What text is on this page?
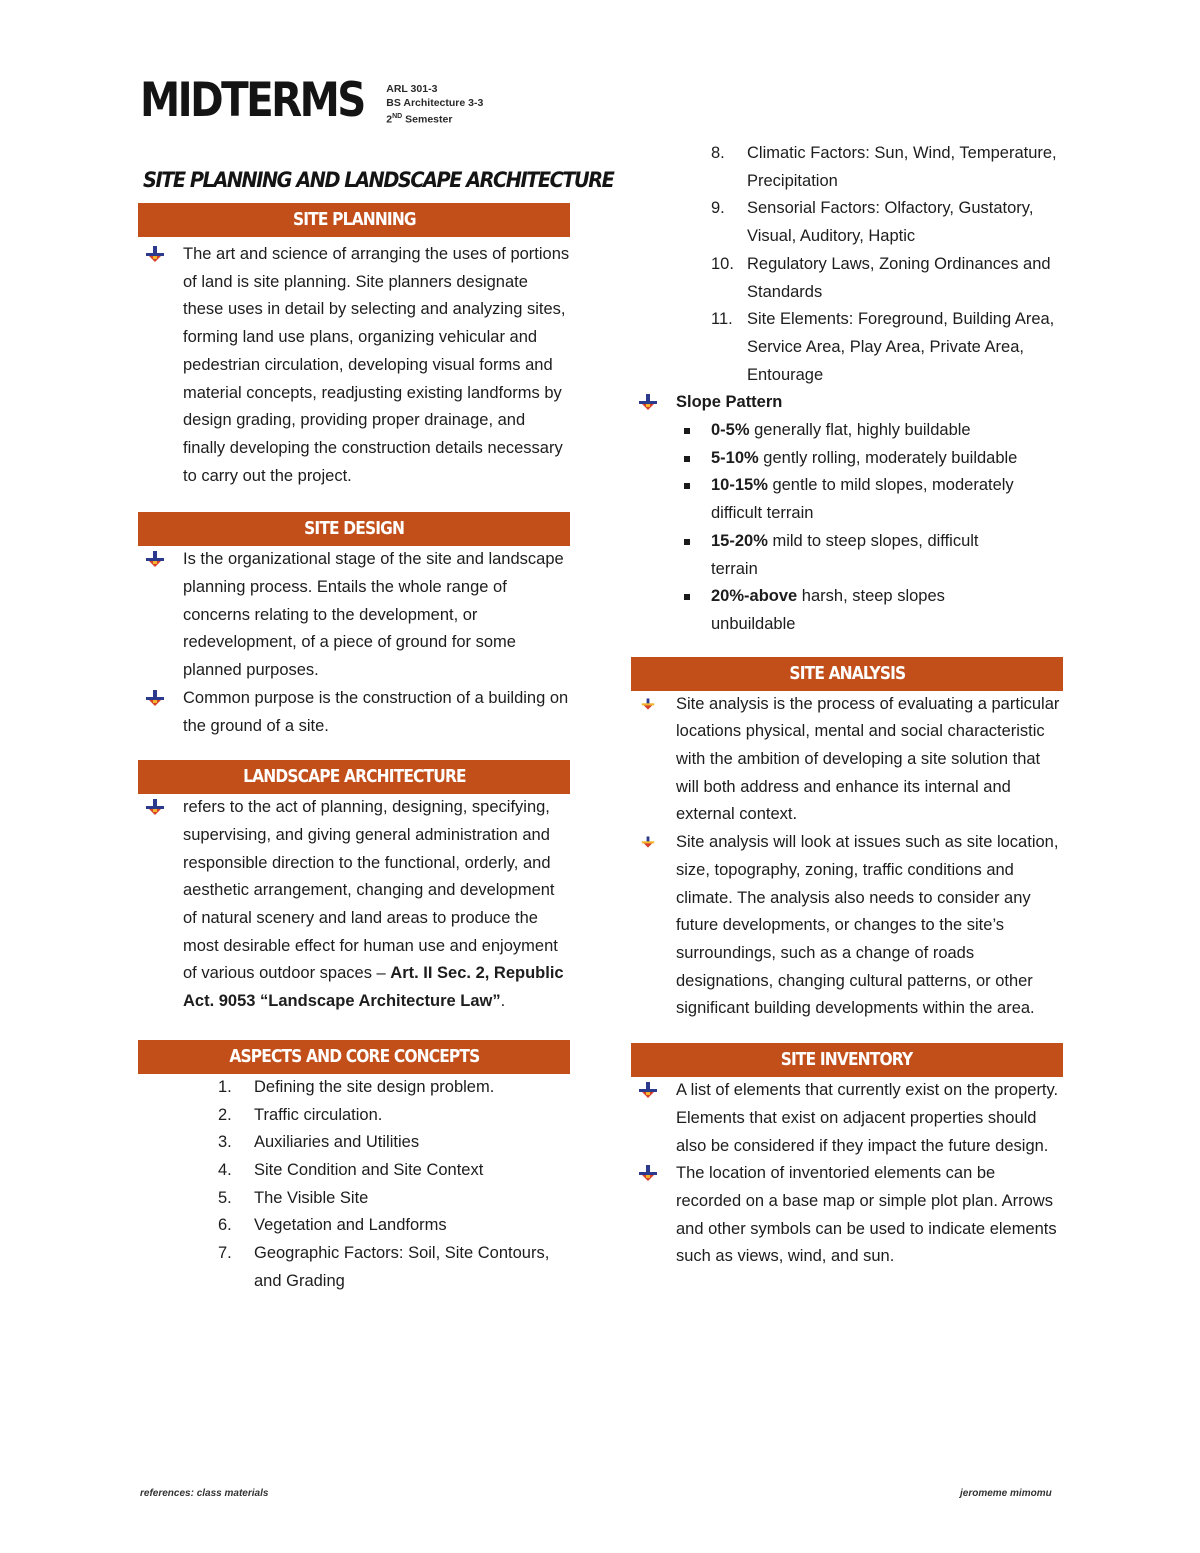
MIDTERMS ARL 301-3
BS Architecture 3-3
2ND Semester
SITE PLANNING AND LANDSCAPE ARCHITECTURE
SITE PLANNING
The art and science of arranging the uses of portions of land is site planning. Site planners designate these uses in detail by selecting and analyzing sites, forming land use plans, organizing vehicular and pedestrian circulation, developing visual forms and material concepts, readjusting existing landforms by design grading, providing proper drainage, and finally developing the construction details necessary to carry out the project.
SITE DESIGN
Is the organizational stage of the site and landscape planning process. Entails the whole range of concerns relating to the development, or redevelopment, of a piece of ground for some planned purposes.
Common purpose is the construction of a building on the ground of a site.
LANDSCAPE ARCHITECTURE
refers to the act of planning, designing, specifying, supervising, and giving general administration and responsible direction to the functional, orderly, and aesthetic arrangement, changing and development of natural scenery and land areas to produce the most desirable effect for human use and enjoyment of various outdoor spaces – Art. II Sec. 2, Republic Act. 9053 “Landscape Architecture Law”.
ASPECTS AND CORE CONCEPTS
1.	Defining the site design problem.
2.	Traffic circulation.
3.	Auxiliaries and Utilities
4.	Site Condition and Site Context
5.	The Visible Site
6.	Vegetation and Landforms
7.	Geographic Factors: Soil, Site Contours, and Grading
8.	Climatic Factors: Sun, Wind, Temperature, Precipitation
9.	Sensorial Factors: Olfactory, Gustatory, Visual, Auditory, Haptic
10. Regulatory Laws, Zoning Ordinances and Standards
11. Site Elements: Foreground, Building Area, Service Area, Play Area, Private Area, Entourage
Slope Pattern
0-5% generally flat, highly buildable
5-10% gently rolling, moderately buildable
10-15% gentle to mild slopes, moderately difficult terrain
15-20% mild to steep slopes, difficult terrain
20%-above harsh, steep slopes unbuildable
SITE ANALYSIS
Site analysis is the process of evaluating a particular locations physical, mental and social characteristic with the ambition of developing a site solution that will both address and enhance its internal and external context.
Site analysis will look at issues such as site location, size, topography, zoning, traffic conditions and climate. The analysis also needs to consider any future developments, or changes to the site’s surroundings, such as a change of roads designations, changing cultural patterns, or other significant building developments within the area.
SITE INVENTORY
A list of elements that currently exist on the property. Elements that exist on adjacent properties should also be considered if they impact the future design.
The location of inventoried elements can be recorded on a base map or simple plot plan. Arrows and other symbols can be used to indicate elements such as views, wind, and sun.
references: class materials	jeromeme mimomu
